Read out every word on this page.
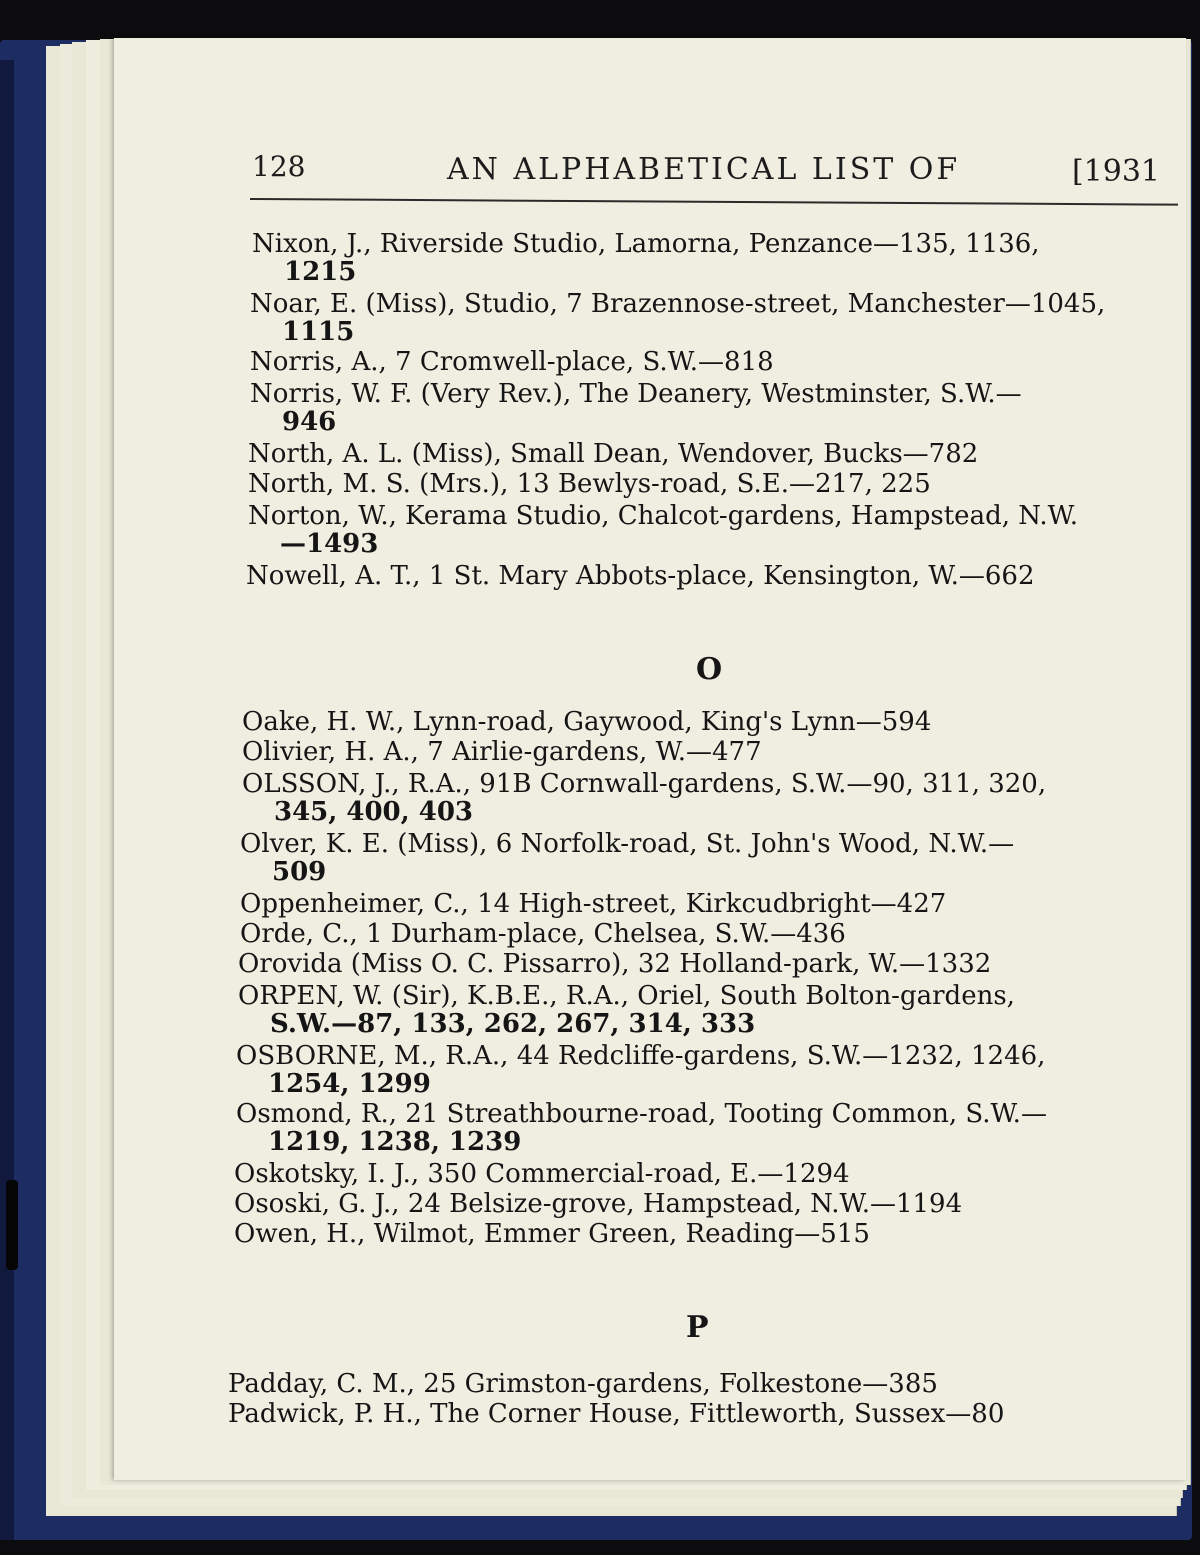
128	AN ALPHABETICAL LIST OF	[1931
Nixon, J., Riverside Studio, Lamorna, Penzance—135, 1136,
1215
Noar, E. (Miss), Studio, 7 Brazennose-street, Manchester—1045,
1115
Norris, A., 7 Cromwell-place, S.W.—818
Norris, W. F. (Very Rev.), The Deanery, Westminster, S.W.—
946
North, A. L. (Miss), Small Dean, Wendover, Bucks—782
North, M. S. (Mrs.), 13 Bewlys-road, S.E.—217, 225
Norton, W., Kerama Studio, Chalcot-gardens, Hampstead, N.W.
—1493
Nowell, A. T., 1 St. Mary Abbots-place, Kensington, W.—662
O
Oake, H. W., Lynn-road, Gaywood, King's Lynn—594
Olivier, H. A., 7 Airlie-gardens, W.—477
OLSSON, J., R.A., 91B Cornwall-gardens, S.W.—90, 311, 320,
345, 400, 403
Olver, K. E. (Miss), 6 Norfolk-road, St. John's Wood, N.W.—
509
Oppenheimer, C., 14 High-street, Kirkcudbright—427
Orde, C., 1 Durham-place, Chelsea, S.W.—436
Orovida (Miss O. C. Pissarro), 32 Holland-park, W.—1332
ORPEN, W. (Sir), K.B.E., R.A., Oriel, South Bolton-gardens,
S.W.—87, 133, 262, 267, 314, 333
OSBORNE, M., R.A., 44 Redcliffe-gardens, S.W.—1232, 1246,
1254, 1299
Osmond, R., 21 Streathbourne-road, Tooting Common, S.W.—
1219, 1238, 1239
Oskotsky, I. J., 350 Commercial-road, E.—1294
Ososki, G. J., 24 Belsize-grove, Hampstead, N.W.—1194
Owen, H., Wilmot, Emmer Green, Reading—515
P
Padday, C. M., 25 Grimston-gardens, Folkestone—385
Padwick, P. H., The Corner House, Fittleworth, Sussex—80
